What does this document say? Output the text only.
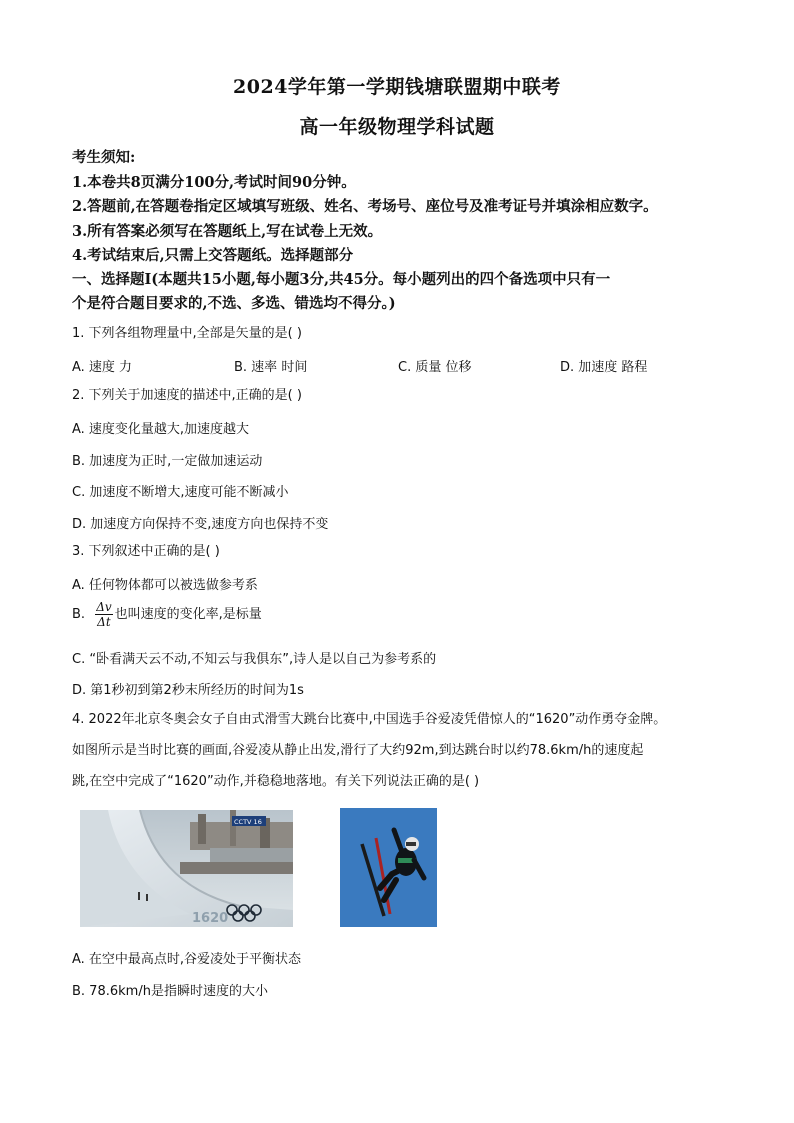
2024学年第一学期钱塘联盟期中联考
高一年级物理学科试题
考生须知:
1.本卷共8页满分100分,考试时间90分钟。
2.答题前,在答题卷指定区域填写班级、姓名、考场号、座位号及准考证号并填涂相应数字。
3.所有答案必须写在答题纸上,写在试卷上无效。
4.考试结束后,只需上交答题纸。选择题部分
一、选择题Ⅰ(本题共15小题,每小题3分,共45分。每小题列出的四个备选项中只有一
个是符合题目要求的,不选、多选、错选均不得分。)
1. 下列各组物理量中,全部是矢量的是( )
A. 速度 力	B. 速率 时间	C. 质量 位移	D. 加速度 路程
2. 下列关于加速度的描述中,正确的是( )
A. 速度变化量越大,加速度越大
B. 加速度为正时,一定做加速运动
C. 加速度不断增大,速度可能不断减小
D. 加速度方向保持不变,速度方向也保持不变
3. 下列叙述中正确的是( )
A. 任何物体都可以被选做参考系
B. $\frac{\Delta v}{\Delta t}$ 也叫速度的变化率,是标量
C. “卧看满天云不动,不知云与我俱东”,诗人是以自己为参考系的
D. 第1秒初到第2秒末所经历的时间为1s
4. 2022年北京冬奥会女子自由式滑雪大跳台比赛中,中国选手谷爱凌凭借惊人的“1620”动作勇夺金牌。
如图所示是当时比赛的画面,谷爱凌从静止出发,滑行了大约92m,到达跳台时以约78.6km/h的速度起
跳,在空中完成了“1620”动作,并稳稳地落地。有关下列说法正确的是( )
CCTV 16
1620
A. 在空中最高点时,谷爱凌处于平衡状态
B. 78.6km/h是指瞬时速度的大小
